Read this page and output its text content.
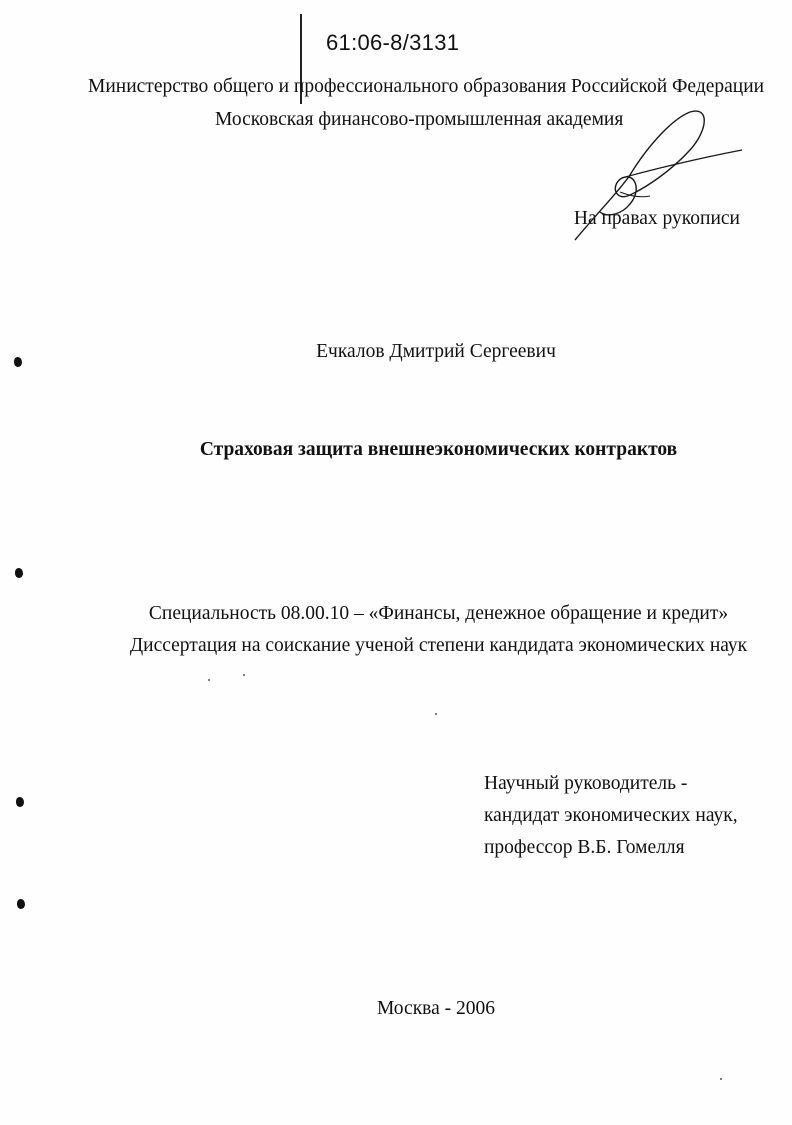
61:06-8/3131
Министерство общего и профессионального образования Российской Федерации
Московская финансово-промышленная академия
На правах рукописи
Ечкалов Дмитрий Сергеевич
Страховая защита внешнеэкономических контрактов
Специальность 08.00.10 – «Финансы, денежное обращение и кредит»
Диссертация на соискание ученой степени кандидата экономических наук
Научный руководитель -
кандидат экономических наук,
профессор В.Б. Гомелля
Москва - 2006
